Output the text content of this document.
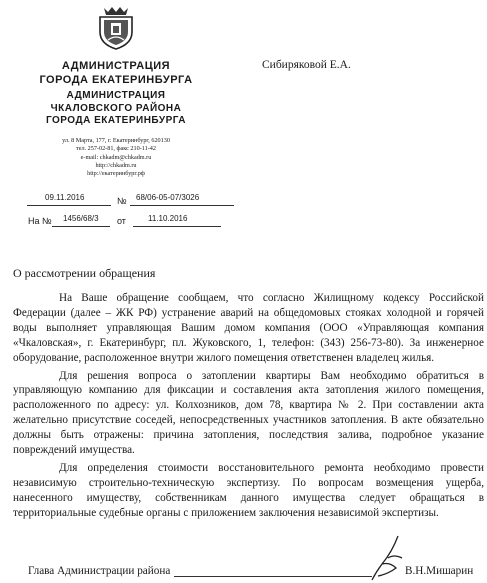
АДМИНИСТРАЦИЯ
ГОРОДА ЕКАТЕРИНБУРГА
АДМИНИСТРАЦИЯ
ЧКАЛОВСКОГО РАЙОНА
ГОРОДА ЕКАТЕРИНБУРГА
ул. 8 Марта, 177, г. Екатеринбург, 620130
тел. 257-02-81, факс 210-11-42
e-mail: chkadm@chkadm.ru
http://chkadm.ru
http://екатеринбург.рф
Сибиряковой Е.А.
09.11.2016	№ 68/06-05-07/3026
На № 1456/68/3 от	11.10.2016
О рассмотрении обращения

На Ваше обращение сообщаем, что согласно Жилищному кодексу Российской Федерации (далее – ЖК РФ) устранение аварий на общедомовых стояках холодной и горячей воды выполняет управляющая Вашим домом компания (ООО «Управляющая компания «Чкаловская», г. Екатеринбург, пл. Жуковского, 1, телефон: (343) 256-73-80). За инженерное оборудование, расположенное внутри жилого помещения ответственен владелец жилья.

Для решения вопроса о затоплении квартиры Вам необходимо обратиться в управляющую компанию для фиксации и составления акта затопления жилого помещения, расположенного по адресу: ул. Колхозников, дом 78, квартира № 2. При составлении акта желательно присутствие соседей, непосредственных участников затопления. В акте обязательно должны быть отражены: причина затопления, последствия залива, подробное указание повреждений имущества.

Для определения стоимости восстановительного ремонта необходимо провести независимую строительно-техническую экспертизу. По вопросам возмещения ущерба, нанесенного имуществу, собственникам данного имущества следует обращаться в территориальные судебные органы с приложением заключения независимой экспертизы.

Глава Администрации района	В.Н.Мишарин
